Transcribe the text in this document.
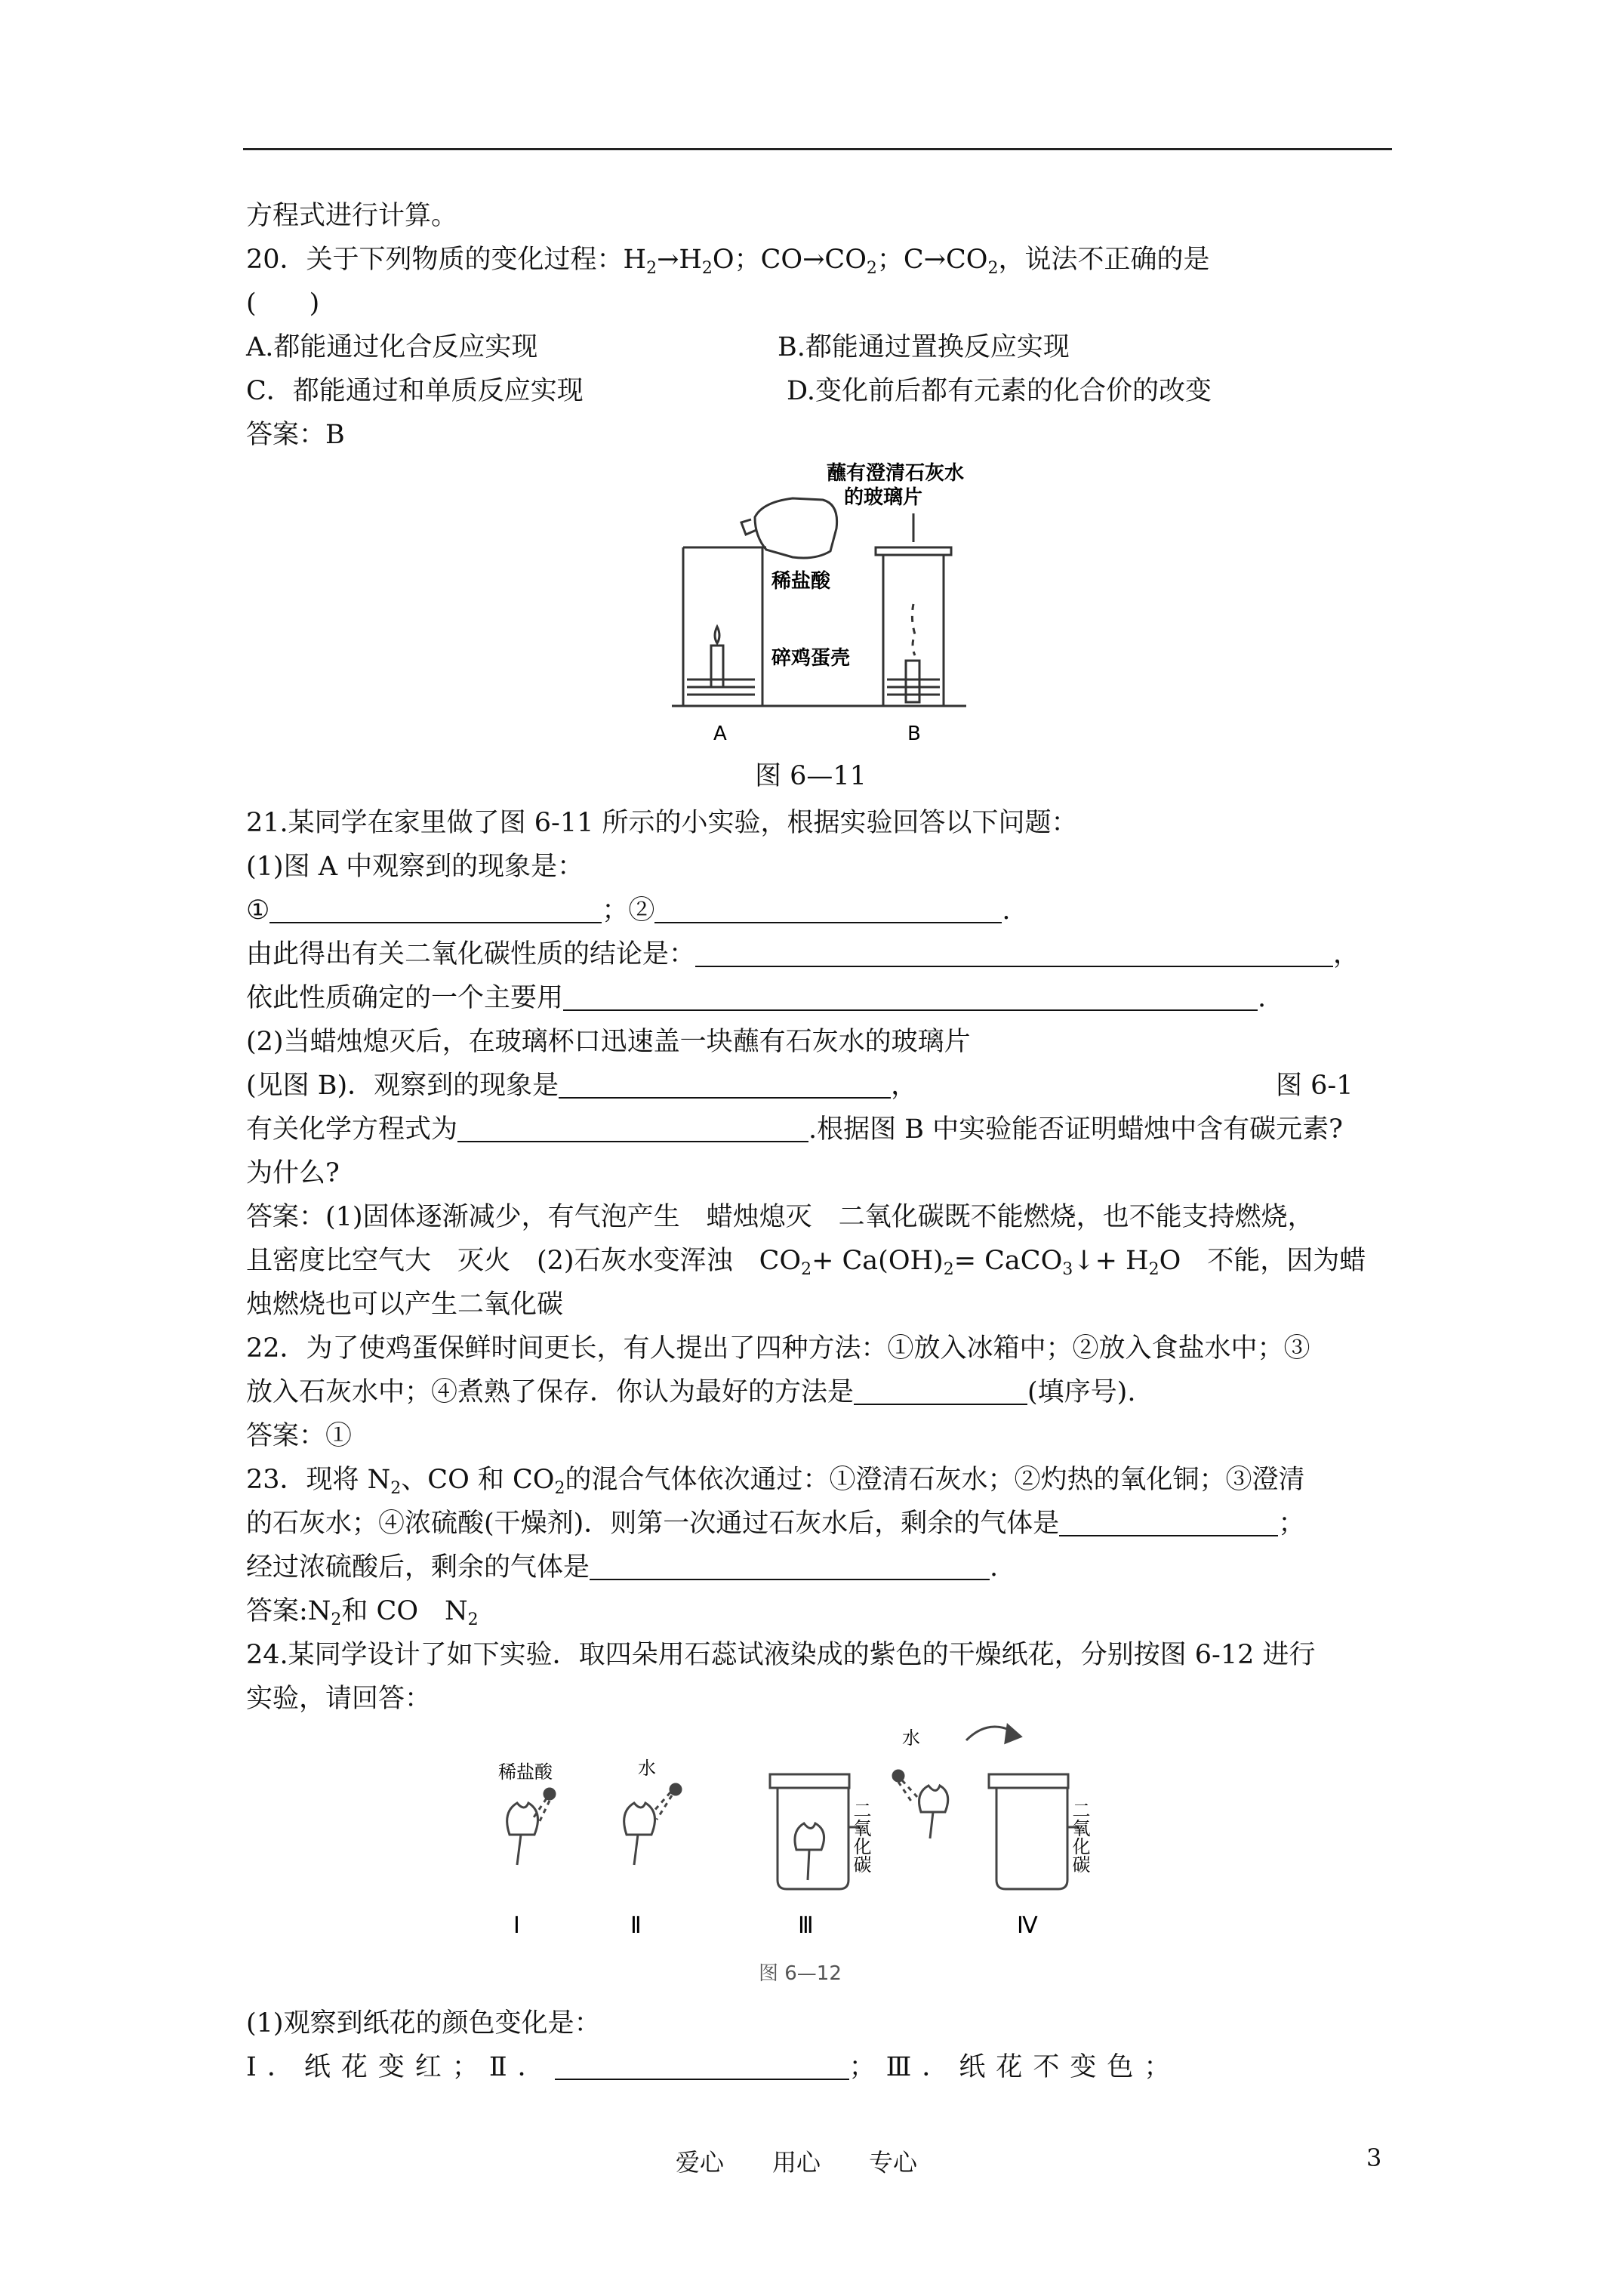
方程式进行计算。
20．关于下列物质的变化过程：$H_2\to H_2O$；$CO\to CO_2$；$C\to CO_2$，说法不正确的是
(　　)
A.都能通过化合反应实现	B.都能通过置换反应实现
C．都能通过和单质反应实现	D.变化前后都有元素的化合价的改变
答案：B
蘸有澄清石灰水
的玻璃片
稀盐酸
碎鸡蛋壳
A	B
图 6—11
21.某同学在家里做了图 6-11 所示的小实验，根据实验回答以下问题：
(1)图 A 中观察到的现象是：
①	；②	.
由此得出有关二氧化碳性质的结论是：	，
依此性质确定的一个主要用	.
(2)当蜡烛熄灭后，在玻璃杯口迅速盖一块蘸有石灰水的玻璃片
(见图 B)．观察到的现象是	，	图 6-1
有关化学方程式为	.根据图 B 中实验能否证明蜡烛中含有碳元素?
为什么?
答案：(1)固体逐渐减少，有气泡产生　蜡烛熄灭　二氧化碳既不能燃烧，也不能支持燃烧，
且密度比空气大　灭火　(2)石灰水变浑浊　$CO_2+ Ca(OH)_2=$ CaCO$_3$↓+ $H_2O$　不能，因为蜡
烛燃烧也可以产生二氧化碳
22．为了使鸡蛋保鲜时间更长，有人提出了四种方法：①放入冰箱中；②放入食盐水中；③
放入石灰水中；④煮熟了保存．你认为最好的方法是	(填序号).
答案：①
23．现将 $N_2$、CO 和 $CO_2$的混合气体依次通过：①澄清石灰水；②灼热的氧化铜；③澄清
的石灰水；④浓硫酸(干燥剂)．则第一次通过石灰水后，剩余的气体是	；
经过浓硫酸后，剩余的气体是	.
答案$:N_2$和 CO　$N_2$
24.某同学设计了如下实验．取四朵用石蕊试液染成的紫色的干燥纸花，分别按图 6-12 进行
实验，请回答：
稀盐酸	水
水
二氧化碳	二氧化碳
Ⅰ	Ⅱ	Ⅲ	Ⅳ
图 6—12
(1)观察到纸花的颜色变化是：
Ⅰ．纸花变红；Ⅱ．	；Ⅲ．纸花不变色；
爱心　　用心　　专心	3
